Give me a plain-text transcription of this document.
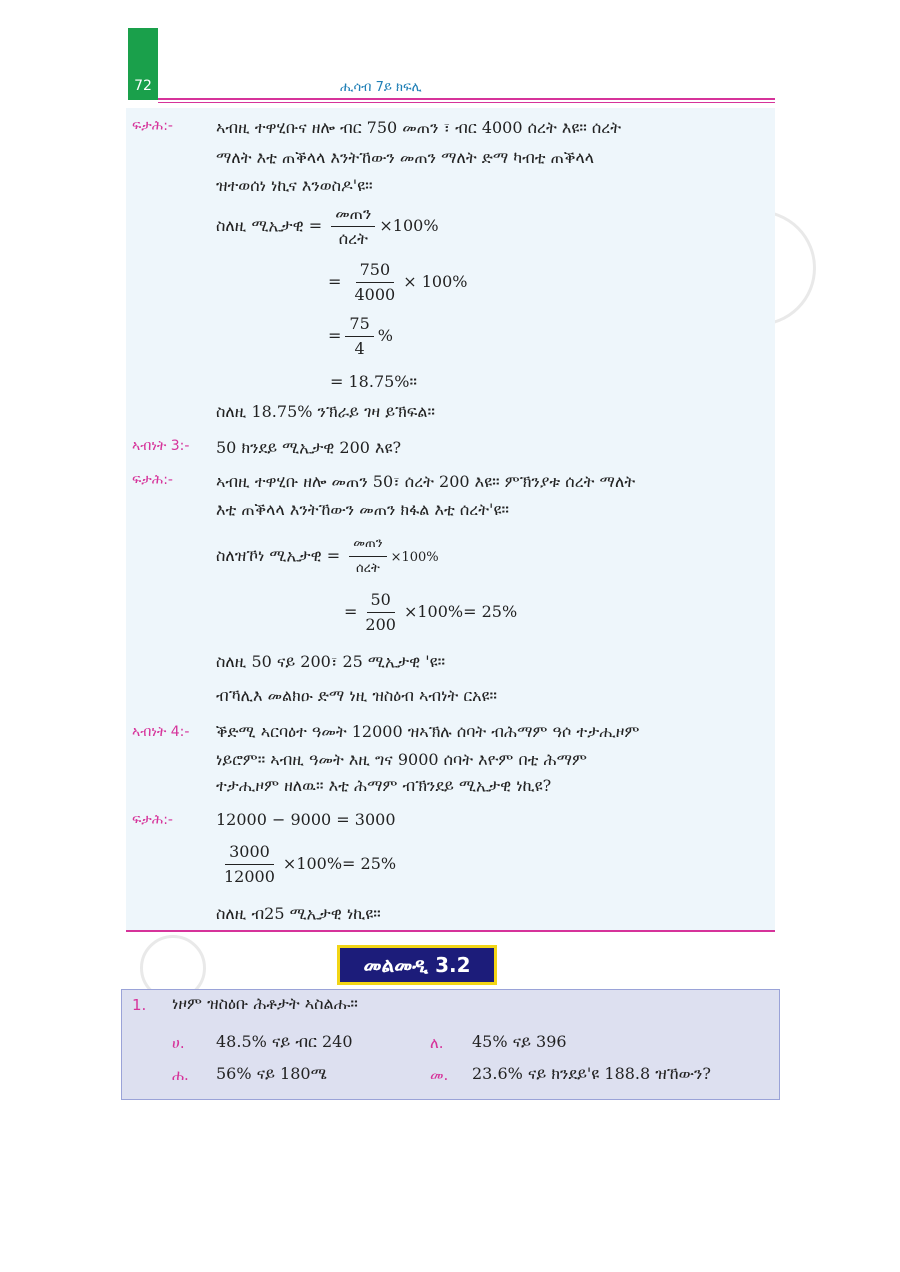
72	ሒሳብ 7ይ ክፍሊ
ፍታሕ:-	ኣብዚ ተዋሂቡና ዘሎ ብር 750 መጠን ፣ ብር 4000 ሰረት እዩ። ሰረት
ማለት እቲ ጠቕላላ እንትኸውን መጠን ማለት ድማ ካብቲ ጠቕላላ
ዝተወሰነ ነኪና እንወስዶ'ዩ።
ስለዚ ሚኢታዊ = $\frac{\text{መጠን}}{\text{ሰረት}} \times 100\%$
= $\frac{750}{4000} \times 100\%$
= $\frac{75}{4}$ %
= 18.75%።
ስለዚ 18.75% ንኽራይ ገዛ ይኽፍል።
ኣብነት 3:- 50 ክንደይ ሚኢታዊ 200 እዩ?
ፍታሕ:-	ኣብዚ ተዋሂቡ ዘሎ መጠን 50፣ ሰረት 200 እዩ። ምኽንያቱ ሰረት ማለት
እቲ ጠቕላላ እንትኸውን መጠን ክፋል እቲ ሰረት'ዩ።
ስለዝኾነ ሚኢታዊ = $\frac{\text{መጠን}}{\text{ሰረት}} \times 100\%$
= $\frac{50}{200} \times 100\%= 25\%$
ስለዚ 50 ናይ 200፣ 25 ሚኢታዊ 'ዩ።
ብኻሊእ መልክዑ ድማ ነዚ ዝስዕብ ኣብነት ርአዩ።
ኣብነት 4:- ቕድሚ ኣርባዕተ ዓመት 12000 ዝኣኽሉ ሰባት ብሕማም ዓሶ ተታሒዞም
ነይሮም። ኣብዚ ዓመት እዚ ግና 9000 ሰባት እዮም በቲ ሕማም
ተታሒዞም ዘለዉ። እቲ ሕማም ብኽንደይ ሚኢታዊ ነኪዩ?
ፍታሕ:-	12000 − 9000 = 3000
$\frac{3000}{12000} \times 100\%= 25\%$
ስለዚ ብ25 ሚኢታዊ ነኪዩ።
መልመዲ 3.2
1. ነዞም ዝስዕቡ ሕቶታት ኣስልሑ።
ሀ. 48.5% ናይ ብር 240	ለ. 45% ናይ 396
ሐ. 56% ናይ 180ሜ	መ. 23.6% ናይ ክንደይ'ዩ 188.8 ዝኸውን?
